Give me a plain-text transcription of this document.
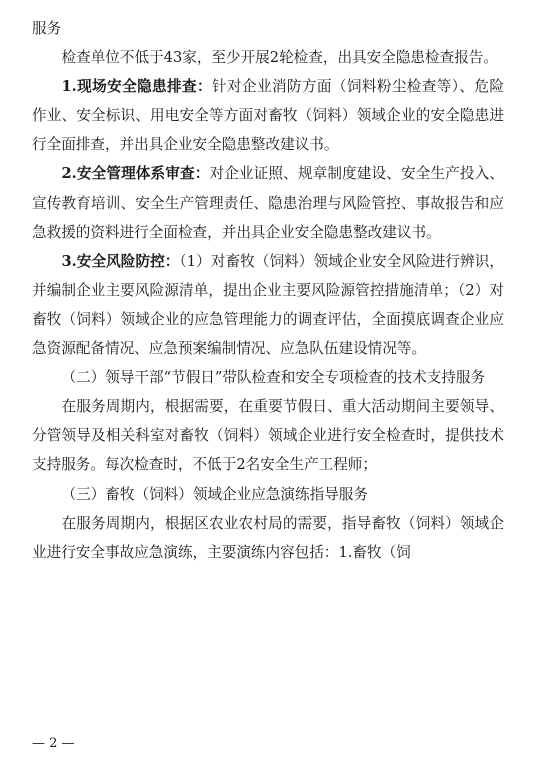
服务

检查单位不低于43家，至少开展2轮检查，出具安全隐患检查报告。

1.现场安全隐患排查：针对企业消防方面（饲料粉尘检查等）、危险作业、安全标识、用电安全等方面对畜牧（饲料）领域企业的安全隐患进行全面排查，并出具企业安全隐患整改建议书。

2.安全管理体系审查：对企业证照、规章制度建设、安全生产投入、宣传教育培训、安全生产管理责任、隐患治理与风险管控、事故报告和应急救援的资料进行全面检查，并出具企业安全隐患整改建议书。

3.安全风险防控：（1）对畜牧（饲料）领域企业安全风险进行辨识，并编制企业主要风险源清单，提出企业主要风险源管控措施清单；（2）对畜牧（饲料）领域企业的应急管理能力的调查评估，全面摸底调查企业应急资源配备情况、应急预案编制情况、应急队伍建设情况等。

（二）领导干部“节假日”带队检查和安全专项检查的技术支持服务

在服务周期内，根据需要，在重要节假日、重大活动期间主要领导、分管领导及相关科室对畜牧（饲料）领域企业进行安全检查时，提供技术支持服务。每次检查时，不低于2名安全生产工程师；

（三）畜牧（饲料）领域企业应急演练指导服务

在服务周期内，根据区农业农村局的需要，指导畜牧（饲料）领域企业进行安全事故应急演练，主要演练内容包括：1.畜牧（饲

— 2 —
